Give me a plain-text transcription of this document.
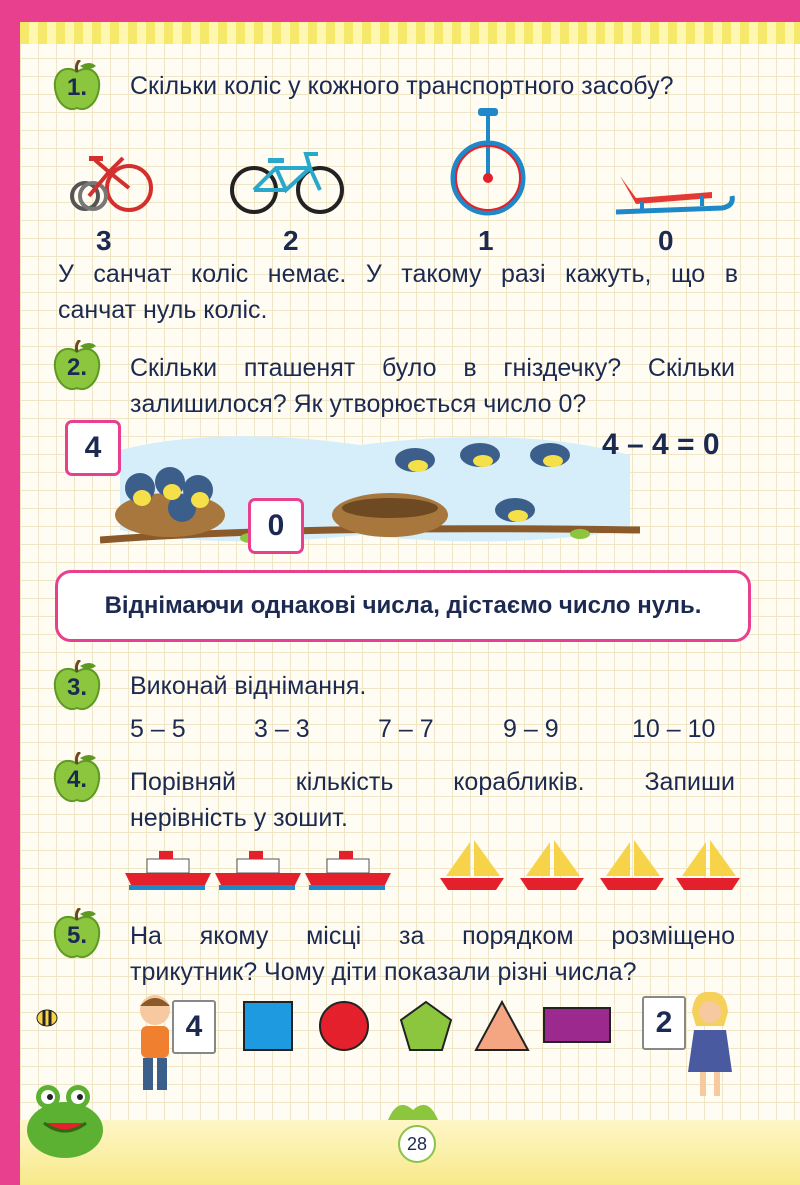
1.	Скільки коліс у кожного транспортного засобу?
3	2	1	0
У санчат коліс немає. У такому разі кажуть, що в
санчат нуль коліс.
2.	Скільки пташенят було в гніздечку? Скільки
залишилося? Як утворюється число 0?
4
0
4 – 4 = 0
Віднімаючи однакові числа, дістаємо число нуль.
3.	Виконай віднімання.
5 – 5	3 – 3	7 – 7	9 – 9	10 – 10
4.	Порівняй кількість корабликів. Запиши
нерівність у зошит.
5.	На якому місці за порядком розміщено
трикутник? Чому діти показали різні числа?
4	2
28
